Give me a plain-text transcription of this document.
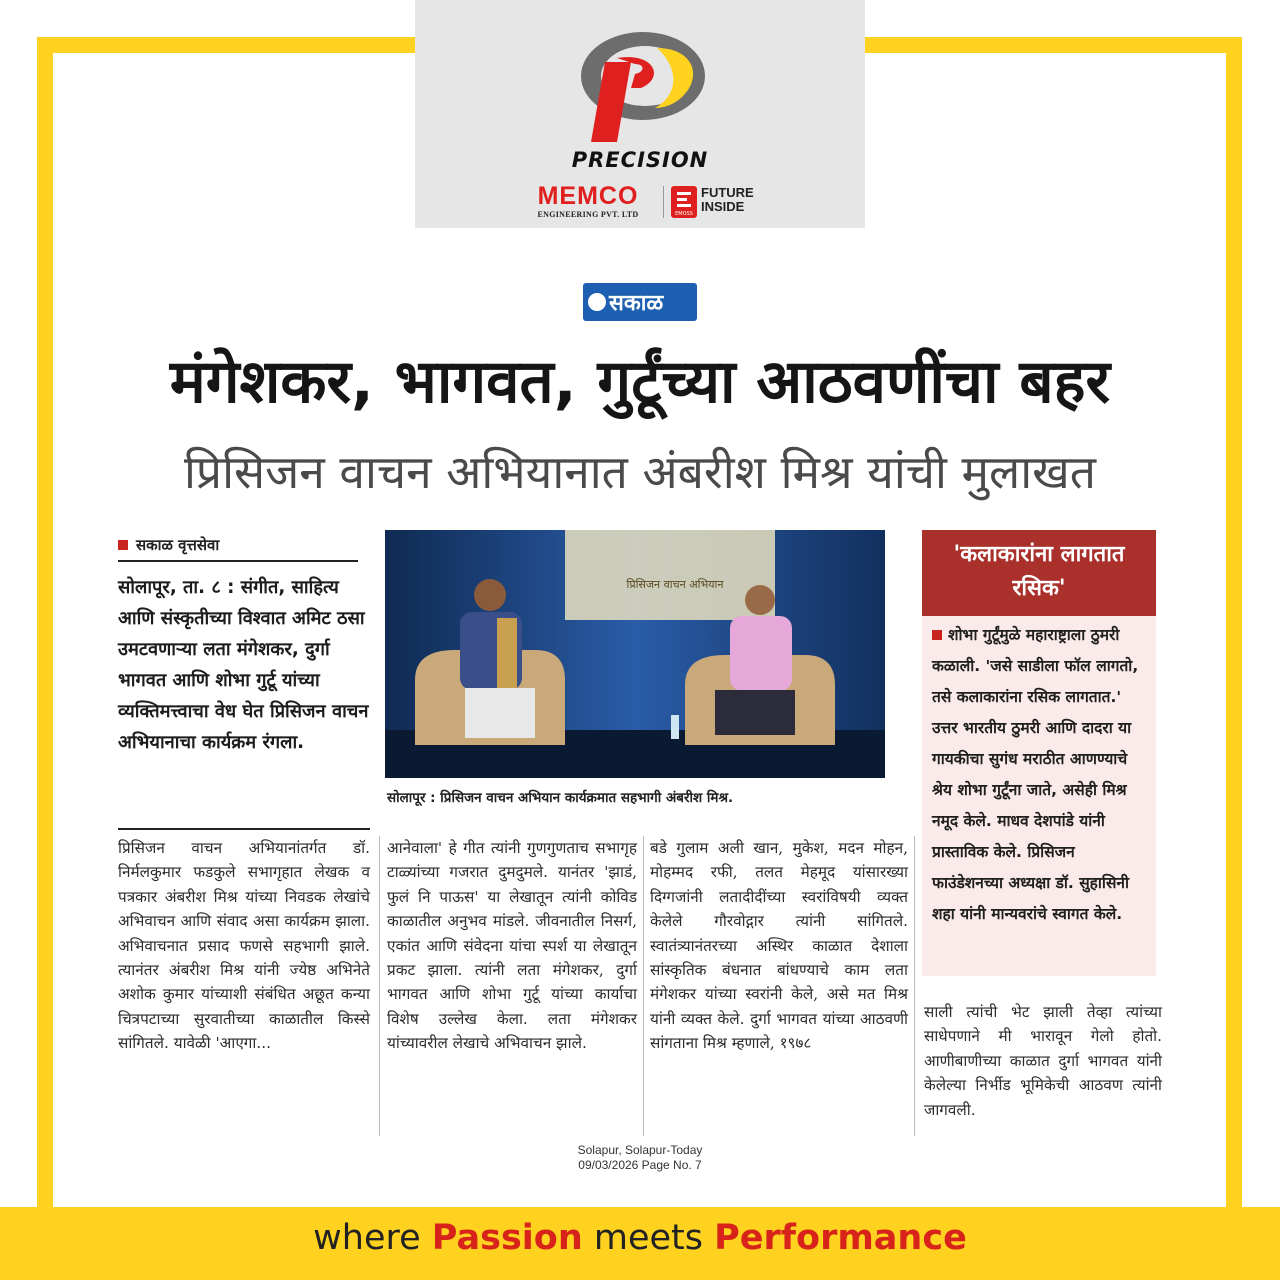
PRECISION
MEMCO
ENGINEERING PVT. LTD	EMOSS
FUTURE
INSIDE
सकाळ
मंगेशकर, भागवत, गुर्टूंच्या आठवणींचा बहर
प्रिसिजन वाचन अभियानात अंबरीश मिश्र यांची मुलाखत
सकाळ वृत्तसेवा
सोलापूर, ता. ८ : संगीत, साहित्य आणि संस्कृतीच्या विश्वात अमिट ठसा उमटवणाऱ्या लता मंगेशकर, दुर्गा भागवत आणि शोभा गुर्टू यांच्या व्यक्तिमत्त्वाचा वेध घेत प्रिसिजन वाचन अभियानाचा कार्यक्रम रंगला.
प्रिसिजन वाचन अभियान
सोलापूर : प्रिसिजन वाचन अभियान कार्यक्रमात सहभागी अंबरीश मिश्र.
प्रिसिजन वाचन अभियानांतर्गत डॉ. निर्मलकुमार फडकुले सभागृहात लेखक व पत्रकार अंबरीश मिश्र यांच्या निवडक लेखांचे अभिवाचन आणि संवाद असा कार्यक्रम झाला. अभिवाचनात प्रसाद फणसे सहभागी झाले. त्यानंतर अंबरीश मिश्र यांनी ज्येष्ठ अभिनेते अशोक कुमार यांच्याशी संबंधित अछूत कन्या चित्रपटाच्या सुरवातीच्या काळातील किस्से सांगितले. यावेळी 'आएगा...
आनेवाला' हे गीत त्यांनी गुणगुणताच सभागृह टाळ्यांच्या गजरात दुमदुमले. यानंतर 'झाडं, फुलं नि पाऊस' या लेखातून त्यांनी कोविड काळातील अनुभव मांडले. जीवनातील निसर्ग, एकांत आणि संवेदना यांचा स्पर्श या लेखातून प्रकट झाला. त्यांनी लता मंगेशकर, दुर्गा भागवत आणि शोभा गुर्टू यांच्या कार्याचा विशेष उल्लेख केला. लता मंगेशकर यांच्यावरील लेखाचे अभिवाचन झाले.
बडे गुलाम अली खान, मुकेश, मदन मोहन, मोहम्मद रफी, तलत मेहमूद यांसारख्या दिग्गजांनी लतादीदींच्या स्वरांविषयी व्यक्त केलेले गौरवोद्गार त्यांनी सांगितले. स्वातंत्र्यानंतरच्या अस्थिर काळात देशाला सांस्कृतिक बंधनात बांधण्याचे काम लता मंगेशकर यांच्या स्वरांनी केले, असे मत मिश्र यांनी व्यक्त केले. दुर्गा भागवत यांच्या आठवणी सांगताना मिश्र म्हणाले, १९७८
साली त्यांची भेट झाली तेव्हा त्यांच्या साधेपणाने मी भारावून गेलो होतो. आणीबाणीच्या काळात दुर्गा भागवत यांनी केलेल्या निर्भीड भूमिकेची आठवण त्यांनी जागवली.
'कलाकारांना लागतात
रसिक'
शोभा गुर्टूंमुळे महाराष्ट्राला ठुमरी कळाली. 'जसे साडीला फॉल लागतो, तसे कलाकारांना रसिक लागतात.' उत्तर भारतीय ठुमरी आणि दादरा या गायकीचा सुगंध मराठीत आणण्याचे श्रेय शोभा गुर्टूंना जाते, असेही मिश्र नमूद केले. माधव देशपांडे यांनी प्रास्ताविक केले. प्रिसिजन फाउंडेशनच्या अध्यक्षा डॉ. सुहासिनी शहा यांनी मान्यवरांचे स्वागत केले.
Solapur, Solapur-Today
09/03/2026 Page No. 7
where Passion meets Performance
